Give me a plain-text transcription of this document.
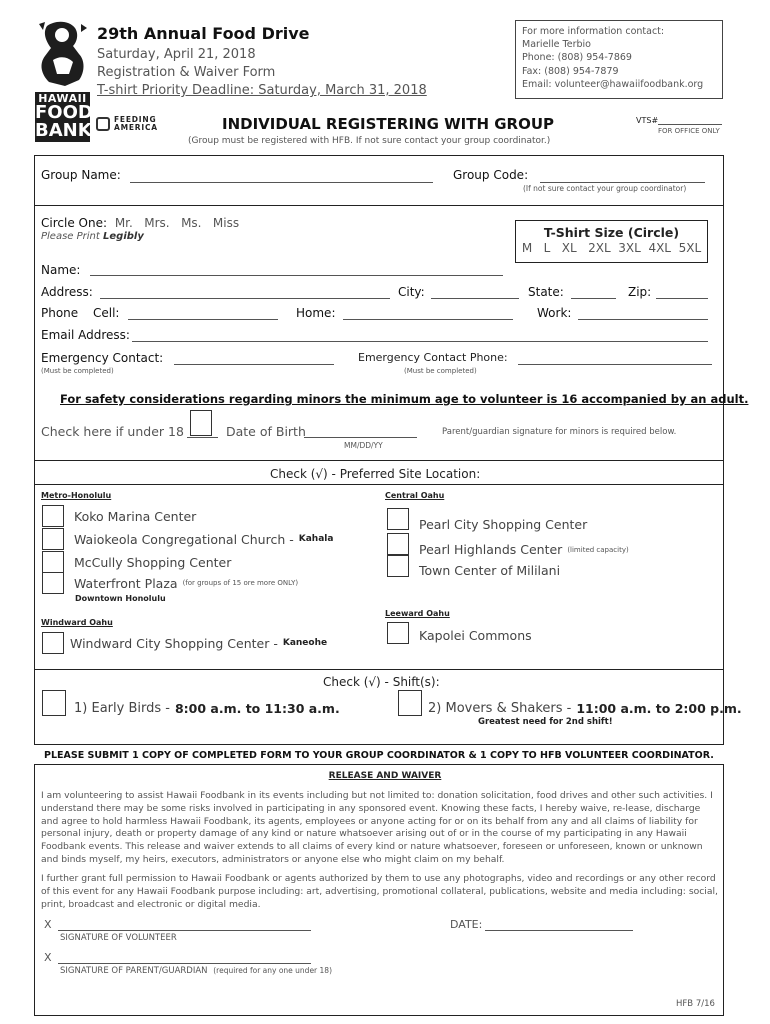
HAWAII
FOOD
BANK
29th Annual Food Drive
Saturday, April 21, 2018
Registration & Waiver Form
T-shirt Priority Deadline: Saturday, March 31, 2018
FEEDING
AMERICA	INDIVIDUAL REGISTERING WITH GROUP
(Group must be registered with HFB. If not sure contact your group coordinator.)
For more information contact:
Marielle Terbio
Phone: (808) 954-7869
Fax: (808) 954-7879
Email: volunteer@hawaiifoodbank.org
VTS#
FOR OFFICE ONLY
Group Name:	Group Code:
(If not sure contact your group coordinator)
Circle One: Mr.   Mrs.   Ms.   Miss
Please Print Legibly	T-Shirt Size (Circle)
M   L   XL   2XL  3XL  4XL  5XL
Name:
Address:	City:	State:	Zip:
Phone Cell:	Home:	Work:
Email Address:
Emergency Contact:
(Must be completed)
Emergency Contact Phone:
(Must be completed)
For safety considerations regarding minors the minimum age to volunteer is 16 accompanied by an adult.
Check here if under 18	Date of Birth
MM/DD/YY
Parent/guardian signature for minors is required below.
Check (√) - Preferred Site Location:
Metro-Honolulu
Koko Marina Center
Waiokeola Congregational Church - Kahala
McCully Shopping Center
Waterfront Plaza (for groups of 15 ore more ONLY)
Downtown Honolulu
Windward Oahu
Windward City Shopping Center - Kaneohe
Central Oahu
Pearl City Shopping Center
Pearl Highlands Center (limited capacity)
Town Center of Mililani
Leeward Oahu
Kapolei Commons
Check (√) - Shift(s):
1) Early Birds - 8:00 a.m. to 11:30 a.m.	2) Movers & Shakers - 11:00 a.m. to 2:00 p.m.
Greatest need for 2nd shift!
PLEASE SUBMIT 1 COPY OF COMPLETED FORM TO YOUR GROUP COORDINATOR & 1 COPY TO HFB VOLUNTEER COORDINATOR.
RELEASE AND WAIVER
I am volunteering to assist Hawaii Foodbank in its events including but not limited to: donation solicitation, food drives and other such activities. I understand there may be some risks involved in participating in any sponsored event. Knowing these facts, I hereby waive, re-lease, discharge and agree to hold harmless Hawaii Foodbank, its agents, employees or anyone acting for or on its behalf from any and all claims of liability for personal injury, death or property damage of any kind or nature whatsoever arising out of or in the course of my participating in any Hawaii Foodbank events. This release and waiver extends to all claims of every kind or nature whatsoever, foreseen or unforeseen, known or unknown and binds myself, my heirs, executors, administrators or anyone else who might claim on my behalf.
I further grant full permission to Hawaii Foodbank or agents authorized by them to use any photographs, video and recordings or any other record of this event for any Hawaii Foodbank purpose including: art, advertising, promotional collateral, publications, website and media including: social, print, broadcast and electronic or digital media.
X
SIGNATURE OF VOLUNTEER
DATE:
X
SIGNATURE OF PARENT/GUARDIAN (required for any one under 18)
HFB 7/16
